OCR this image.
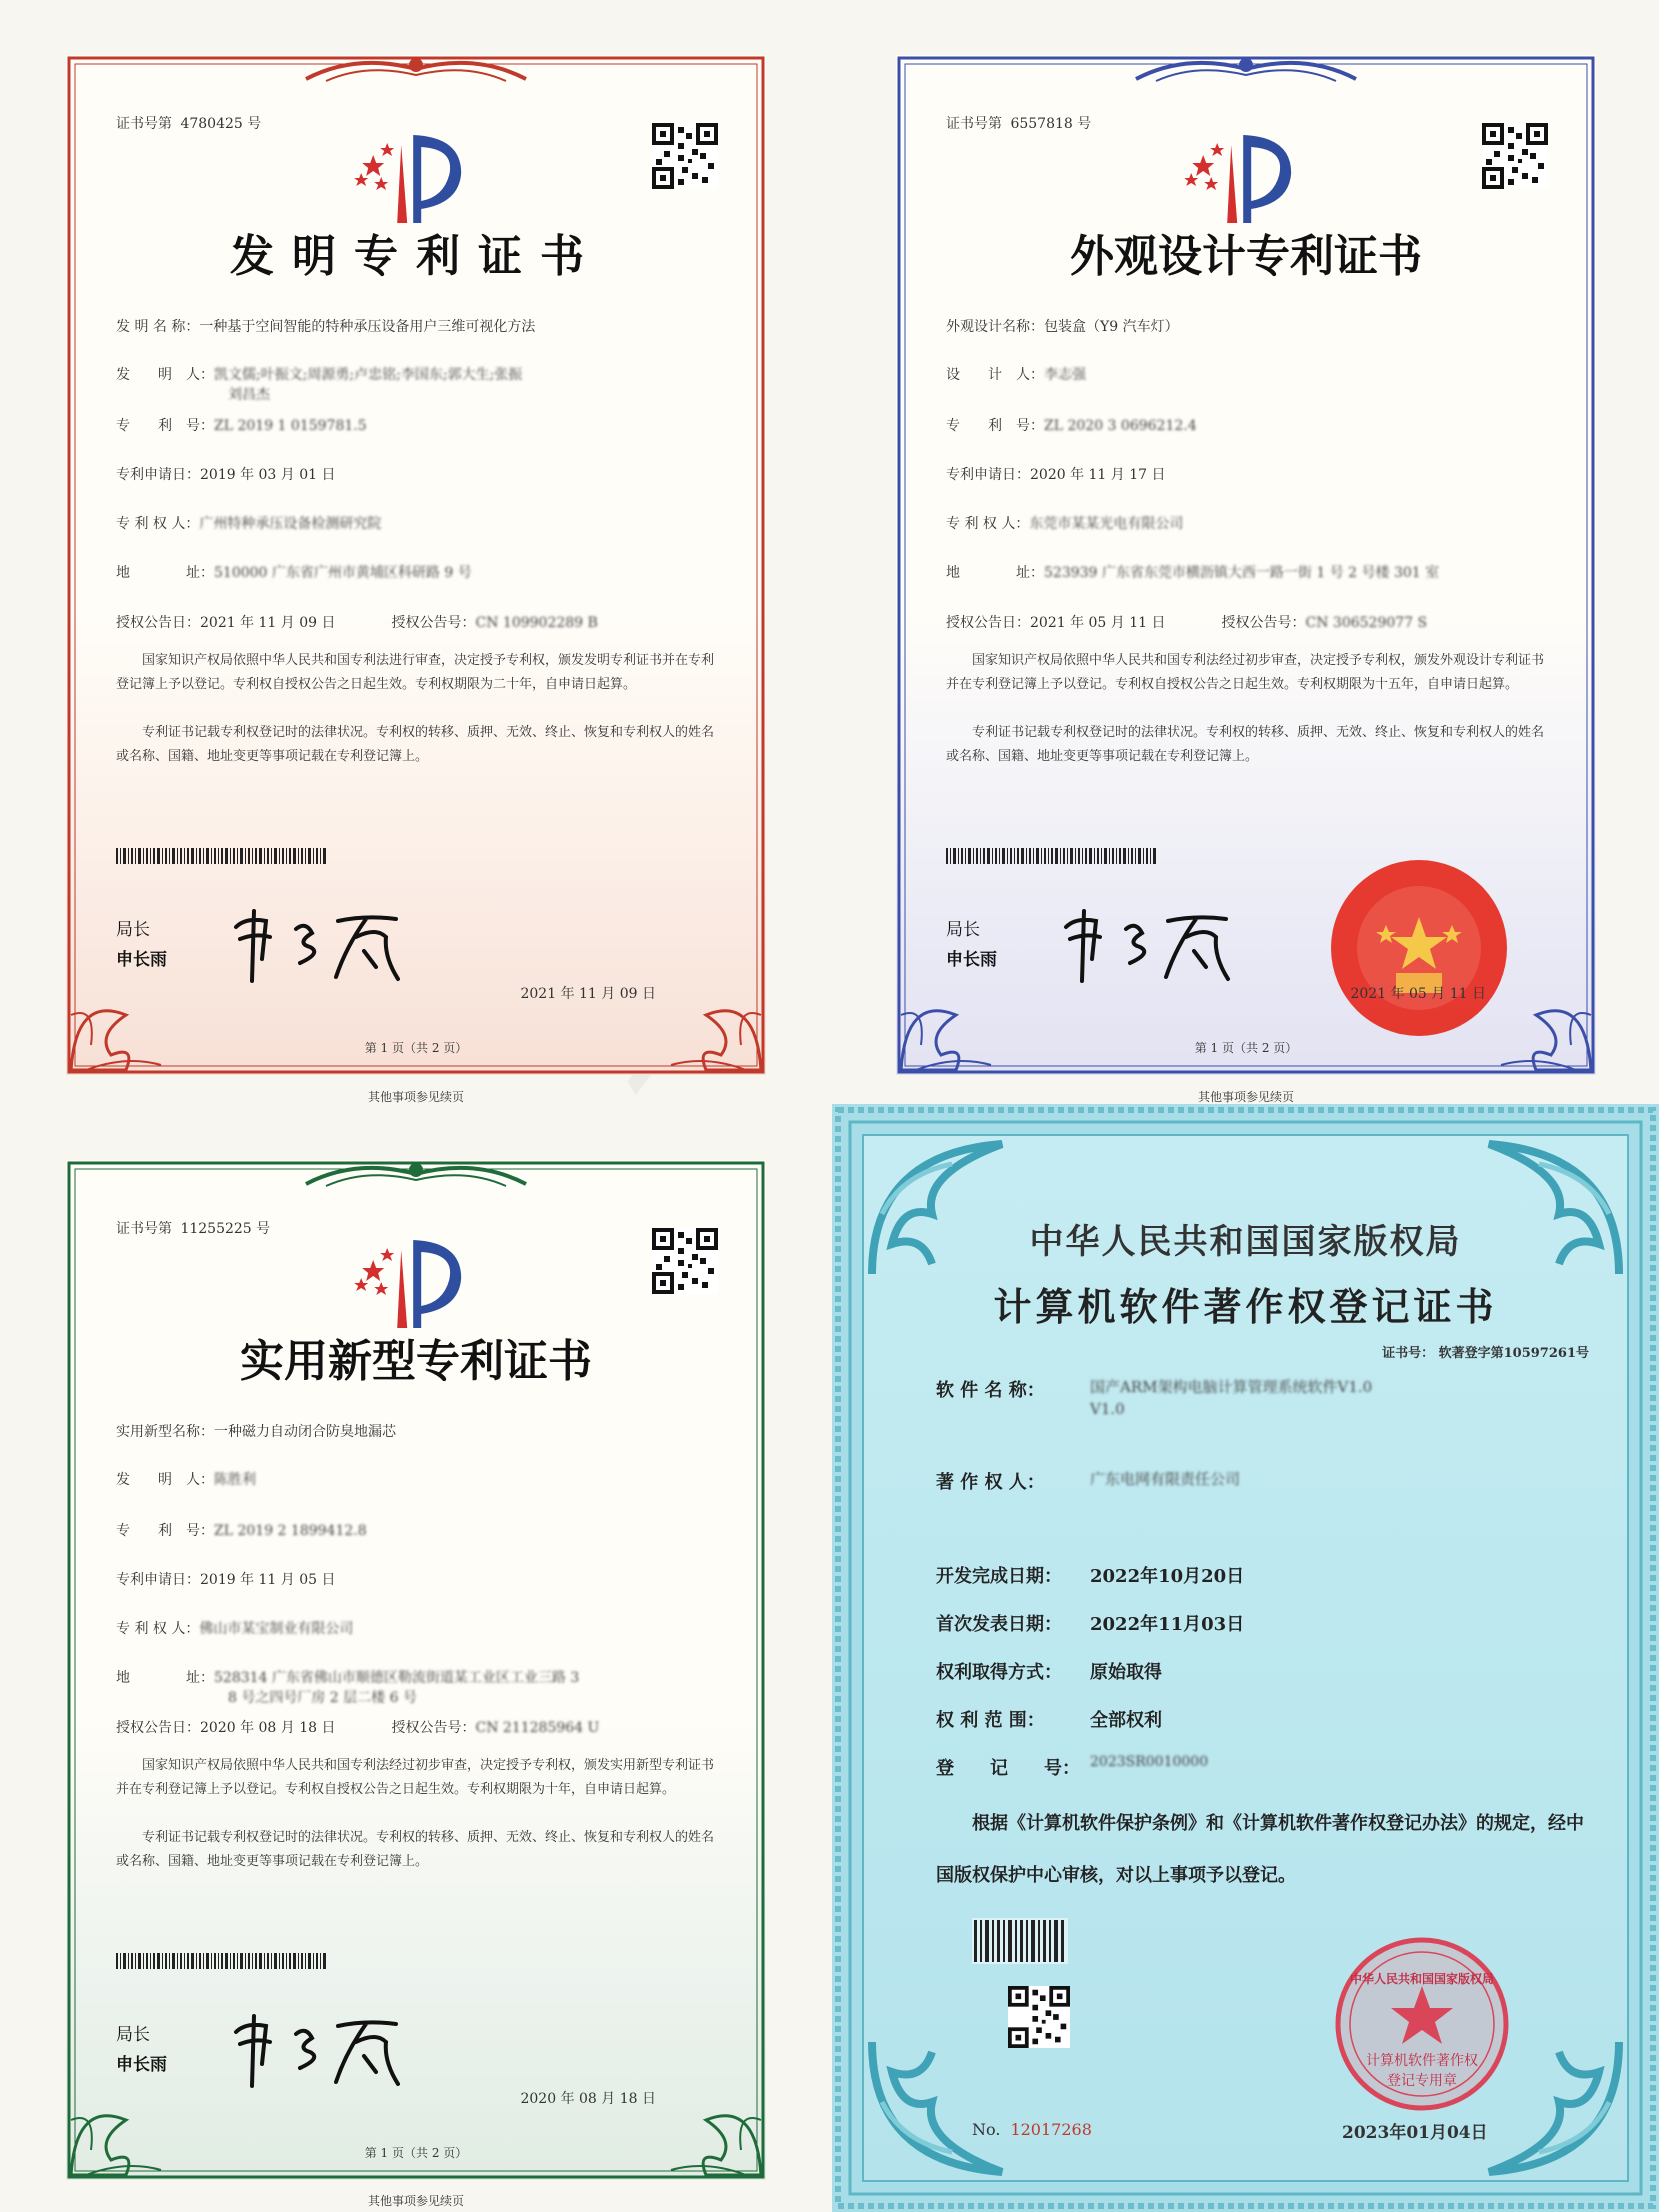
证书号第 4780425 号
发明专利证书
发 明 名 称：一种基于空间智能的特种承压设备用户三维可视化方法
发　　明　人：凯文儒;叶振文;周源勇;卢忠铭;李国东;郭大生;张振
刘昌杰
专　　利　号：ZL 2019 1 0159781.5
专利申请日：2019 年 03 月 01 日
专 利 权 人：广州特种承压设备检测研究院
地　　　　址：510000 广东省广州市黄埔区科研路 9 号
授权公告日：2021 年 11 月 09 日	授权公告号：CN 109902289 B
国家知识产权局依照中华人民共和国专利法进行审查，决定授予专利权，颁发发明专利证书并在专利登记簿上予以登记。专利权自授权公告之日起生效。专利权期限为二十年，自申请日起算。
专利证书记载专利权登记时的法律状况。专利权的转移、质押、无效、终止、恢复和专利权人的姓名或名称、国籍、地址变更等事项记载在专利登记簿上。
局长
申长雨
2021 年 11 月 09 日
第 1 页（共 2 页）
其他事项参见续页
证书号第 6557818 号
外观设计专利证书
外观设计名称：包装盒（Y9 汽车灯）
设　　计　人：李志强
专　　利　号：ZL 2020 3 0696212.4
专利申请日：2020 年 11 月 17 日
专 利 权 人：东莞市某某光电有限公司
地　　　　址：523939 广东省东莞市横沥镇大西一路一街 1 号 2 号楼 301 室
授权公告日：2021 年 05 月 11 日	授权公告号：CN 306529077 S
国家知识产权局依照中华人民共和国专利法经过初步审查，决定授予专利权，颁发外观设计专利证书并在专利登记簿上予以登记。专利权自授权公告之日起生效。专利权期限为十五年，自申请日起算。
专利证书记载专利权登记时的法律状况。专利权的转移、质押、无效、终止、恢复和专利权人的姓名或名称、国籍、地址变更等事项记载在专利登记簿上。
局长
申长雨
2021 年 05 月 11 日
第 1 页（共 2 页）
其他事项参见续页
证书号第 11255225 号
实用新型专利证书
实用新型名称：一种磁力自动闭合防臭地漏芯
发　　明　人：陈胜利
专　　利　号：ZL 2019 2 1899412.8
专利申请日：2019 年 11 月 05 日
专 利 权 人：佛山市某宝制业有限公司
地　　　　址：528314 广东省佛山市顺德区勒流街道某工业区工业三路 3
8 号之四号厂房 2 层二楼 6 号
授权公告日：2020 年 08 月 18 日	授权公告号：CN 211285964 U
国家知识产权局依照中华人民共和国专利法经过初步审查，决定授予专利权，颁发实用新型专利证书并在专利登记簿上予以登记。专利权自授权公告之日起生效。专利权期限为十年，自申请日起算。
专利证书记载专利权登记时的法律状况。专利权的转移、质押、无效、终止、恢复和专利权人的姓名或名称、国籍、地址变更等事项记载在专利登记簿上。
局长
申长雨
2020 年 08 月 18 日
第 1 页（共 2 页）
其他事项参见续页
中华人民共和国国家版权局
计算机软件著作权登记证书
证书号： 软著登字第10597261号
软 件 名 称：	国产ARM架构电脑计算管理系统软件V1.0
V1.0
著 作 权 人：	广东电网有限责任公司
开发完成日期： 2022年10月20日
首次发表日期： 2022年11月03日
权利取得方式： 原始取得
权 利 范 围：	全部权利
登　　记　　号： 2023SR0010000
根据《计算机软件保护条例》和《计算机软件著作权登记办法》的规定，经中国版权保护中心审核，对以上事项予以登记。
中华人民共和国国家版权局
计算机软件著作权
登记专用章
No. 12017268	2023年01月04日
